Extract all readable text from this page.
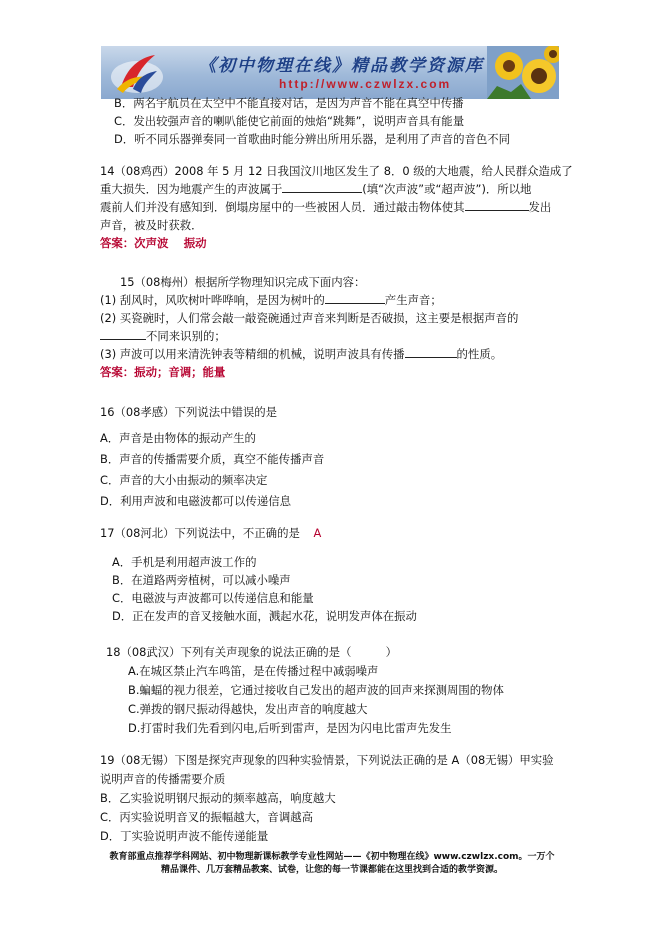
《初中物理在线》精品教学资源库
http://www.czwlzx.com
B．两名宇航员在太空中不能直接对话，是因为声音不能在真空中传播
C．发出较强声音的喇叭能使它前面的烛焰“跳舞”，说明声音具有能量
D．听不同乐器弹奏同一首歌曲时能分辨出所用乐器，是利用了声音的音色不同
14（08鸡西）2008 年 5 月 12 日我国汶川地区发生了 8．0 级的大地震，给人民群众造成了
重大损失．因为地震产生的声波属于	(填“次声波”或“超声波”)．所以地
震前人们并没有感知到．倒塌房屋中的一些被困人员．通过敲击物体使其	发出
声音，被及时获救．
答案：次声波　 振动
15（08梅州）根据所学物理知识完成下面内容：
(1) 刮风时，风吹树叶哗哗响，是因为树叶的	产生声音；
(2) 买瓷碗时，人们常会敲一敲瓷碗通过声音来判断是否破损，这主要是根据声音的
不同来识别的；
(3) 声波可以用来清洗钟表等精细的机械，说明声波具有传播	的性质。
答案：振动；音调；能量
16（08孝感）下列说法中错误的是
A．声音是由物体的振动产生的
B．声音的传播需要介质，真空不能传播声音
C．声音的大小由振动的频率决定
D．利用声波和电磁波都可以传递信息
17（08河北）下列说法中，不正确的是 A
A．手机是利用超声波工作的
B．在道路两旁植树，可以减小噪声
C．电磁波与声波都可以传递信息和能量
D．正在发声的音叉接触水面，溅起水花，说明发声体在振动
18（08武汉）下列有关声现象的说法正确的是（　　　）
A.在城区禁止汽车鸣笛，是在传播过程中减弱噪声
B.蝙蝠的视力很差，它通过接收自己发出的超声波的回声来探测周围的物体
C.弹拨的钢尺振动得越快，发出声音的响度越大
D.打雷时我们先看到闪电,后听到雷声，是因为闪电比雷声先发生
19（08无锡）下图是探究声现象的四种实验情景，下列说法正确的是 A（08无锡）甲实验
说明声音的传播需要介质
B．乙实验说明钢尺振动的频率越高，响度越大
C．丙实验说明音叉的振幅越大，音调越高
D．丁实验说明声波不能传递能量
教育部重点推荐学科网站、初中物理新课标教学专业性网站——《初中物理在线》www.czwlzx.com。一万个
精品课件、几万套精品教案、试卷，让您的每一节课都能在这里找到合适的教学资源。
